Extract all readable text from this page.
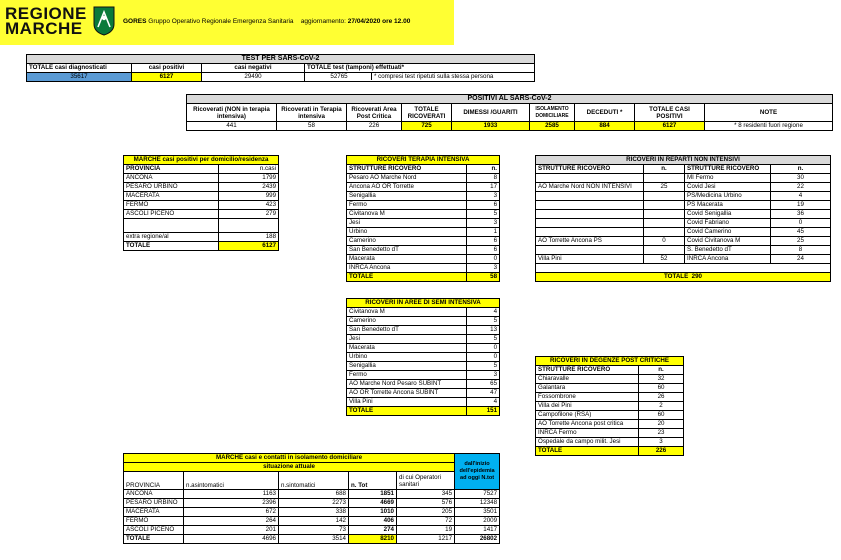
REGIONE
MARCHE	GORES Gruppo Operativo Regionale Emergenza Sanitaria aggiornamento: 27/04/2020 ore 12.00
TEST PER SARS-CoV-2			
TOTALE casi diagnosticati	casi positivi	casi negativi	TOTALE test (tamponi) effettuati*
35617	6127	29490	52765 * compresi test ripetuti sulla stessa persona
POSITIVI AL SARS-CoV-2								
Ricoverati (NON in terapia intensiva)	Ricoverati in Terapia intensiva	Ricoverati Area Post Critica	TOTALE RICOVERATI	DIMESSI /GUARITI	ISOLAMENTO DOMICILIARE	DECEDUTI *	TOTALE CASI POSITIVI	NOTE
441	58	226	725	1933	2585	884	6127	* 8 residenti fuori regione
MARCHE casi positivi per domicilio/residenza	
PROVINCIA	n.casi
ANCONA	1799
PESARO URBINO	2439
MACERATA	999
FERMO	423
ASCOLI PICENO	279

extra regione/al	188
TOTALE	6127
RICOVERI TERAPIA INTENSIVA	
STRUTTURE RICOVERO	n.
Pesaro AO Marche Nord	8
Ancona AO OR Torrette	17
Senigallia	3
Fermo	6
Civitanova M	5
Jesi	3
Urbino	1
Camerino	6
San Benedetto dT	6
Macerata	0
INRCA Ancona	3
TOTALE	58
RICOVERI IN AREE DI SEMI INTENSIVA	
Civitanova M	4
Camerino	5
San Benedetto dT	13
Jesi	5
Macerata	0
Urbino	0
Senigallia	5
Fermo	3
AO Marche Nord Pesaro SUBINT	65
AO OR Torrette Ancona SUBINT	47
Villa Pini	4
TOTALE	151
RICOVERI IN REPARTI NON INTENSIVI			
STRUTTURE RICOVERO	n.	STRUTTURE RICOVERO	n.
		MI Fermo	30
AO Marche Nord NON INTENSIVI	25	Covid Jesi	22
		PS/Medicina Urbino	4
		PS Macerata	19
		Covid Senigallia	36
		Covid Fabriano	0
		Covid Camerino	45
AO Torrette Ancona PS	0	Covid Civitanova M	25
		S. Benedetto dT	8
Villa Pini	52	INRCA Ancona	24

TOTALE 290			
RICOVERI IN DEGENZE POST CRITICHE	
STRUTTURE RICOVERO	n.
Chiaravalle	32
Galantara	60
Fossombrone	26
Villa dei Pini	2
Campofilone (RSA)	60
AO Torrette Ancona post critica	20
INRCA Fermo	23
Ospedale da campo milit. Jesi	3
TOTALE	226
MARCHE casi e contatti in isolamento domiciliare					dall'inizio dell'epidemia ad oggi N.tot
situazione attuale					
PROVINCIA	n.asintomatici	n.sintomatici	n. Tot	di cui Operatori sanitari	
ANCONA	1163	688	1851	345	7527
PESARO URBINO	2396	2273	4669	576	12348
MACERATA	672	338	1010	205	3501
FERMO	264	142	406	72	2009
ASCOLI PICENO	201	73	274	19	1417
TOTALE	4696	3514	8210	1217	26802
